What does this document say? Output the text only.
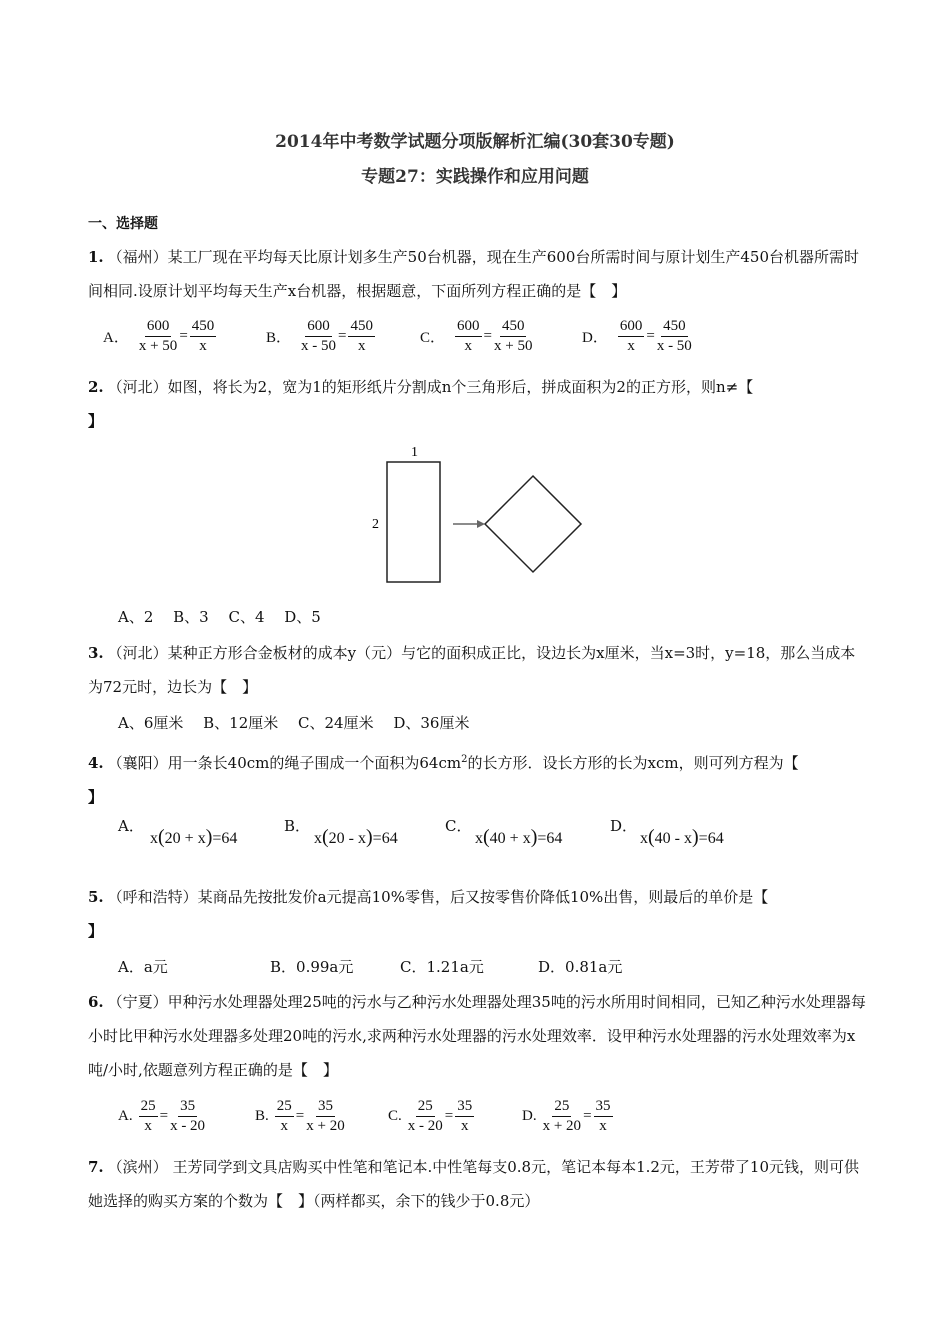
2014年中考数学试题分项版解析汇编(30套30专题)
专题27：实践操作和应用问题
一、选择题
1. （福州）某工厂现在平均每天比原计划多生产50台机器，现在生产600台所需时间与原计划生产450台机器所需时间相同.设原计划平均每天生产x台机器，根据题意，下面所列方程正确的是【　】
A． $\frac{600}{x + 50} = \frac{450}{x}$	B． $\frac{600}{x - 50} = \frac{450}{x}$	C． $\frac{600}{x} = \frac{450}{x + 50}$	D． $\frac{600}{x} = \frac{450}{x - 50}$
2. （河北）如图，将长为2，宽为1的矩形纸片分割成n个三角形后，拼成面积为2的正方形，则n≠【
】
1
2
A、2　 B、3　 C、4　 D、5
3. （河北）某种正方形合金板材的成本y（元）与它的面积成正比，设边长为x厘米，当x=3时，y=18，那么当成本为72元时，边长为【　】
A、6厘米　 B、12厘米　 C、24厘米　 D、36厘米
4. （襄阳）用一条长40cm的绳子围成一个面积为$64cm^2$的长方形．设长方形的长为xcm，则可列方程为【
】
A．
x(20 + x)=64
B．
x(20 - x)=64
C．
x(40 + x)=64
D．
x(40 - x)=64
5. （呼和浩特）某商品先按批发价a元提高10%零售，后又按零售价降低10%出售，则最后的单价是【
】
A．a元	B．0.99a元	C．1.21a元	D．0.81a元
6. （宁夏）甲种污水处理器处理25吨的污水与乙种污水处理器处理35吨的污水所用时间相同，已知乙种污水处理器每小时比甲种污水处理器多处理20吨的污水,求两种污水处理器的污水处理效率．设甲种污水处理器的污水处理效率为x吨/小时,依题意列方程正确的是【　】
A. $\frac{25}{x} = \frac{35}{x - 20}$	B. $\frac{25}{x} = \frac{35}{x + 20}$	C. $\frac{25}{x - 20} = \frac{35}{x}$	D. $\frac{25}{x + 20} = \frac{35}{x}$
7. （滨州） 王芳同学到文具店购买中性笔和笔记本.中性笔每支0.8元，笔记本每本1.2元，王芳带了10元钱，则可供她选择的购买方案的个数为【　】（两样都买，余下的钱少于0.8元）
